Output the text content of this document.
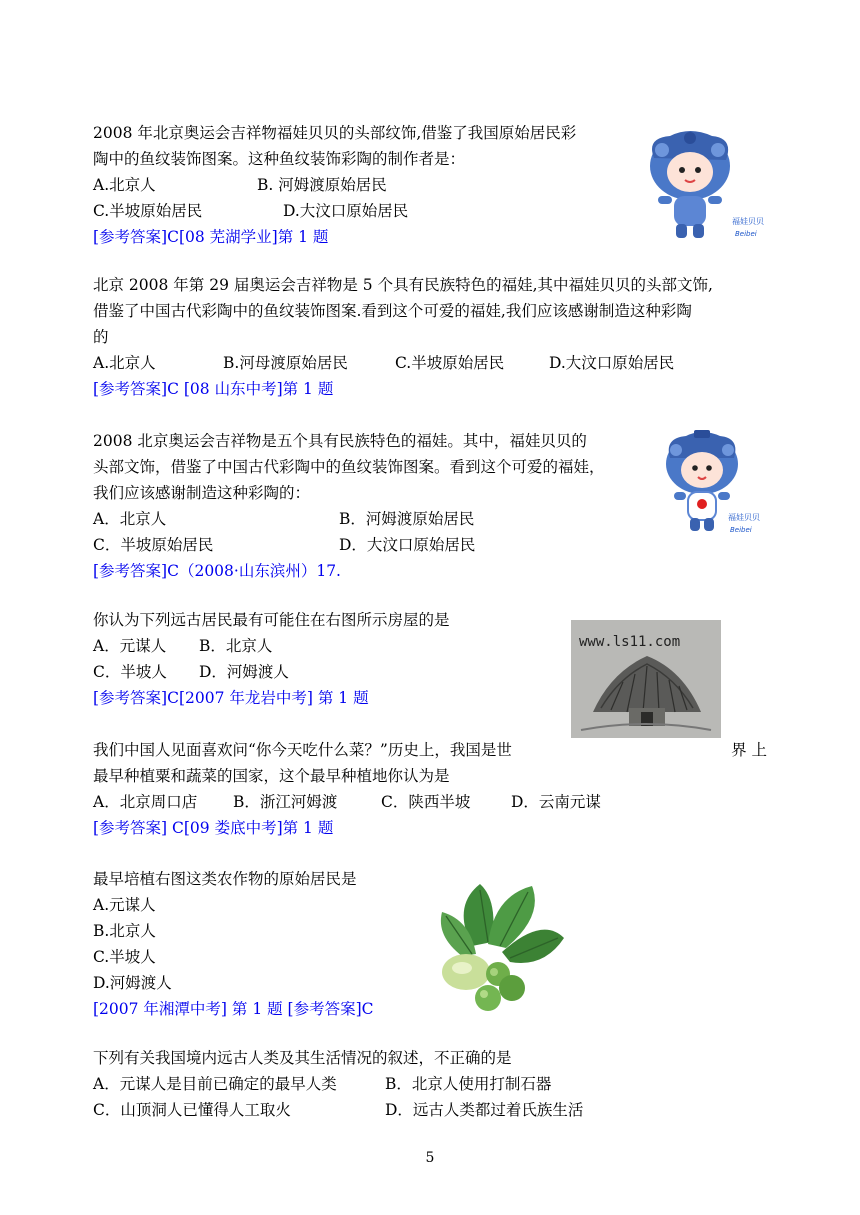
2008 年北京奥运会吉祥物福娃贝贝的头部纹饰,借鉴了我国原始居民彩
陶中的鱼纹装饰图案。这种鱼纹装饰彩陶的制作者是：
A.北京人	B. 河姆渡原始居民
C.半坡原始居民	D.大汶口原始居民
[参考答案]C[08 芜湖学业]第 1 题
福娃贝贝
Beibei
北京 2008 年第 29 届奥运会吉祥物是 5 个具有民族特色的福娃,其中福娃贝贝的头部文饰,
借鉴了中国古代彩陶中的鱼纹装饰图案.看到这个可爱的福娃,我们应该感谢制造这种彩陶
的
A.北京人	B.河母渡原始居民	C.半坡原始居民	D.大汶口原始居民
[参考答案]C [08 山东中考]第 1 题
2008 北京奥运会吉祥物是五个具有民族特色的福娃。其中，福娃贝贝的
头部文饰，借鉴了中国古代彩陶中的鱼纹装饰图案。看到这个可爱的福娃，
我们应该感谢制造这种彩陶的：
A．北京人	B．河姆渡原始居民
C．半坡原始居民	D．大汶口原始居民
[参考答案]C（2008·山东滨州）17.
福娃贝贝
Beibei
你认为下列远古居民最有可能住在右图所示房屋的是
A．元谋人 B．北京人
C．半坡人 D．河姆渡人
[参考答案]C[2007 年龙岩中考] 第 1 题
www.ls11.com
我们中国人见面喜欢问“你今天吃什么菜？”历史上，我国是世	界 上
最早种植粟和蔬菜的国家，这个最早种植地你认为是
A．北京周口店 B．浙江河姆渡	C．陕西半坡	D．云南元谋
[参考答案] C[09 娄底中考]第 1 题
最早培植右图这类农作物的原始居民是
A.元谋人
B.北京人
C.半坡人
D.河姆渡人
[2007 年湘潭中考] 第 1 题 [参考答案]C
下列有关我国境内远古人类及其生活情况的叙述，不正确的是
A．元谋人是目前已确定的最早人类	B．北京人使用打制石器
C．山顶洞人已懂得人工取火	D．远古人类都过着氏族生活
5
